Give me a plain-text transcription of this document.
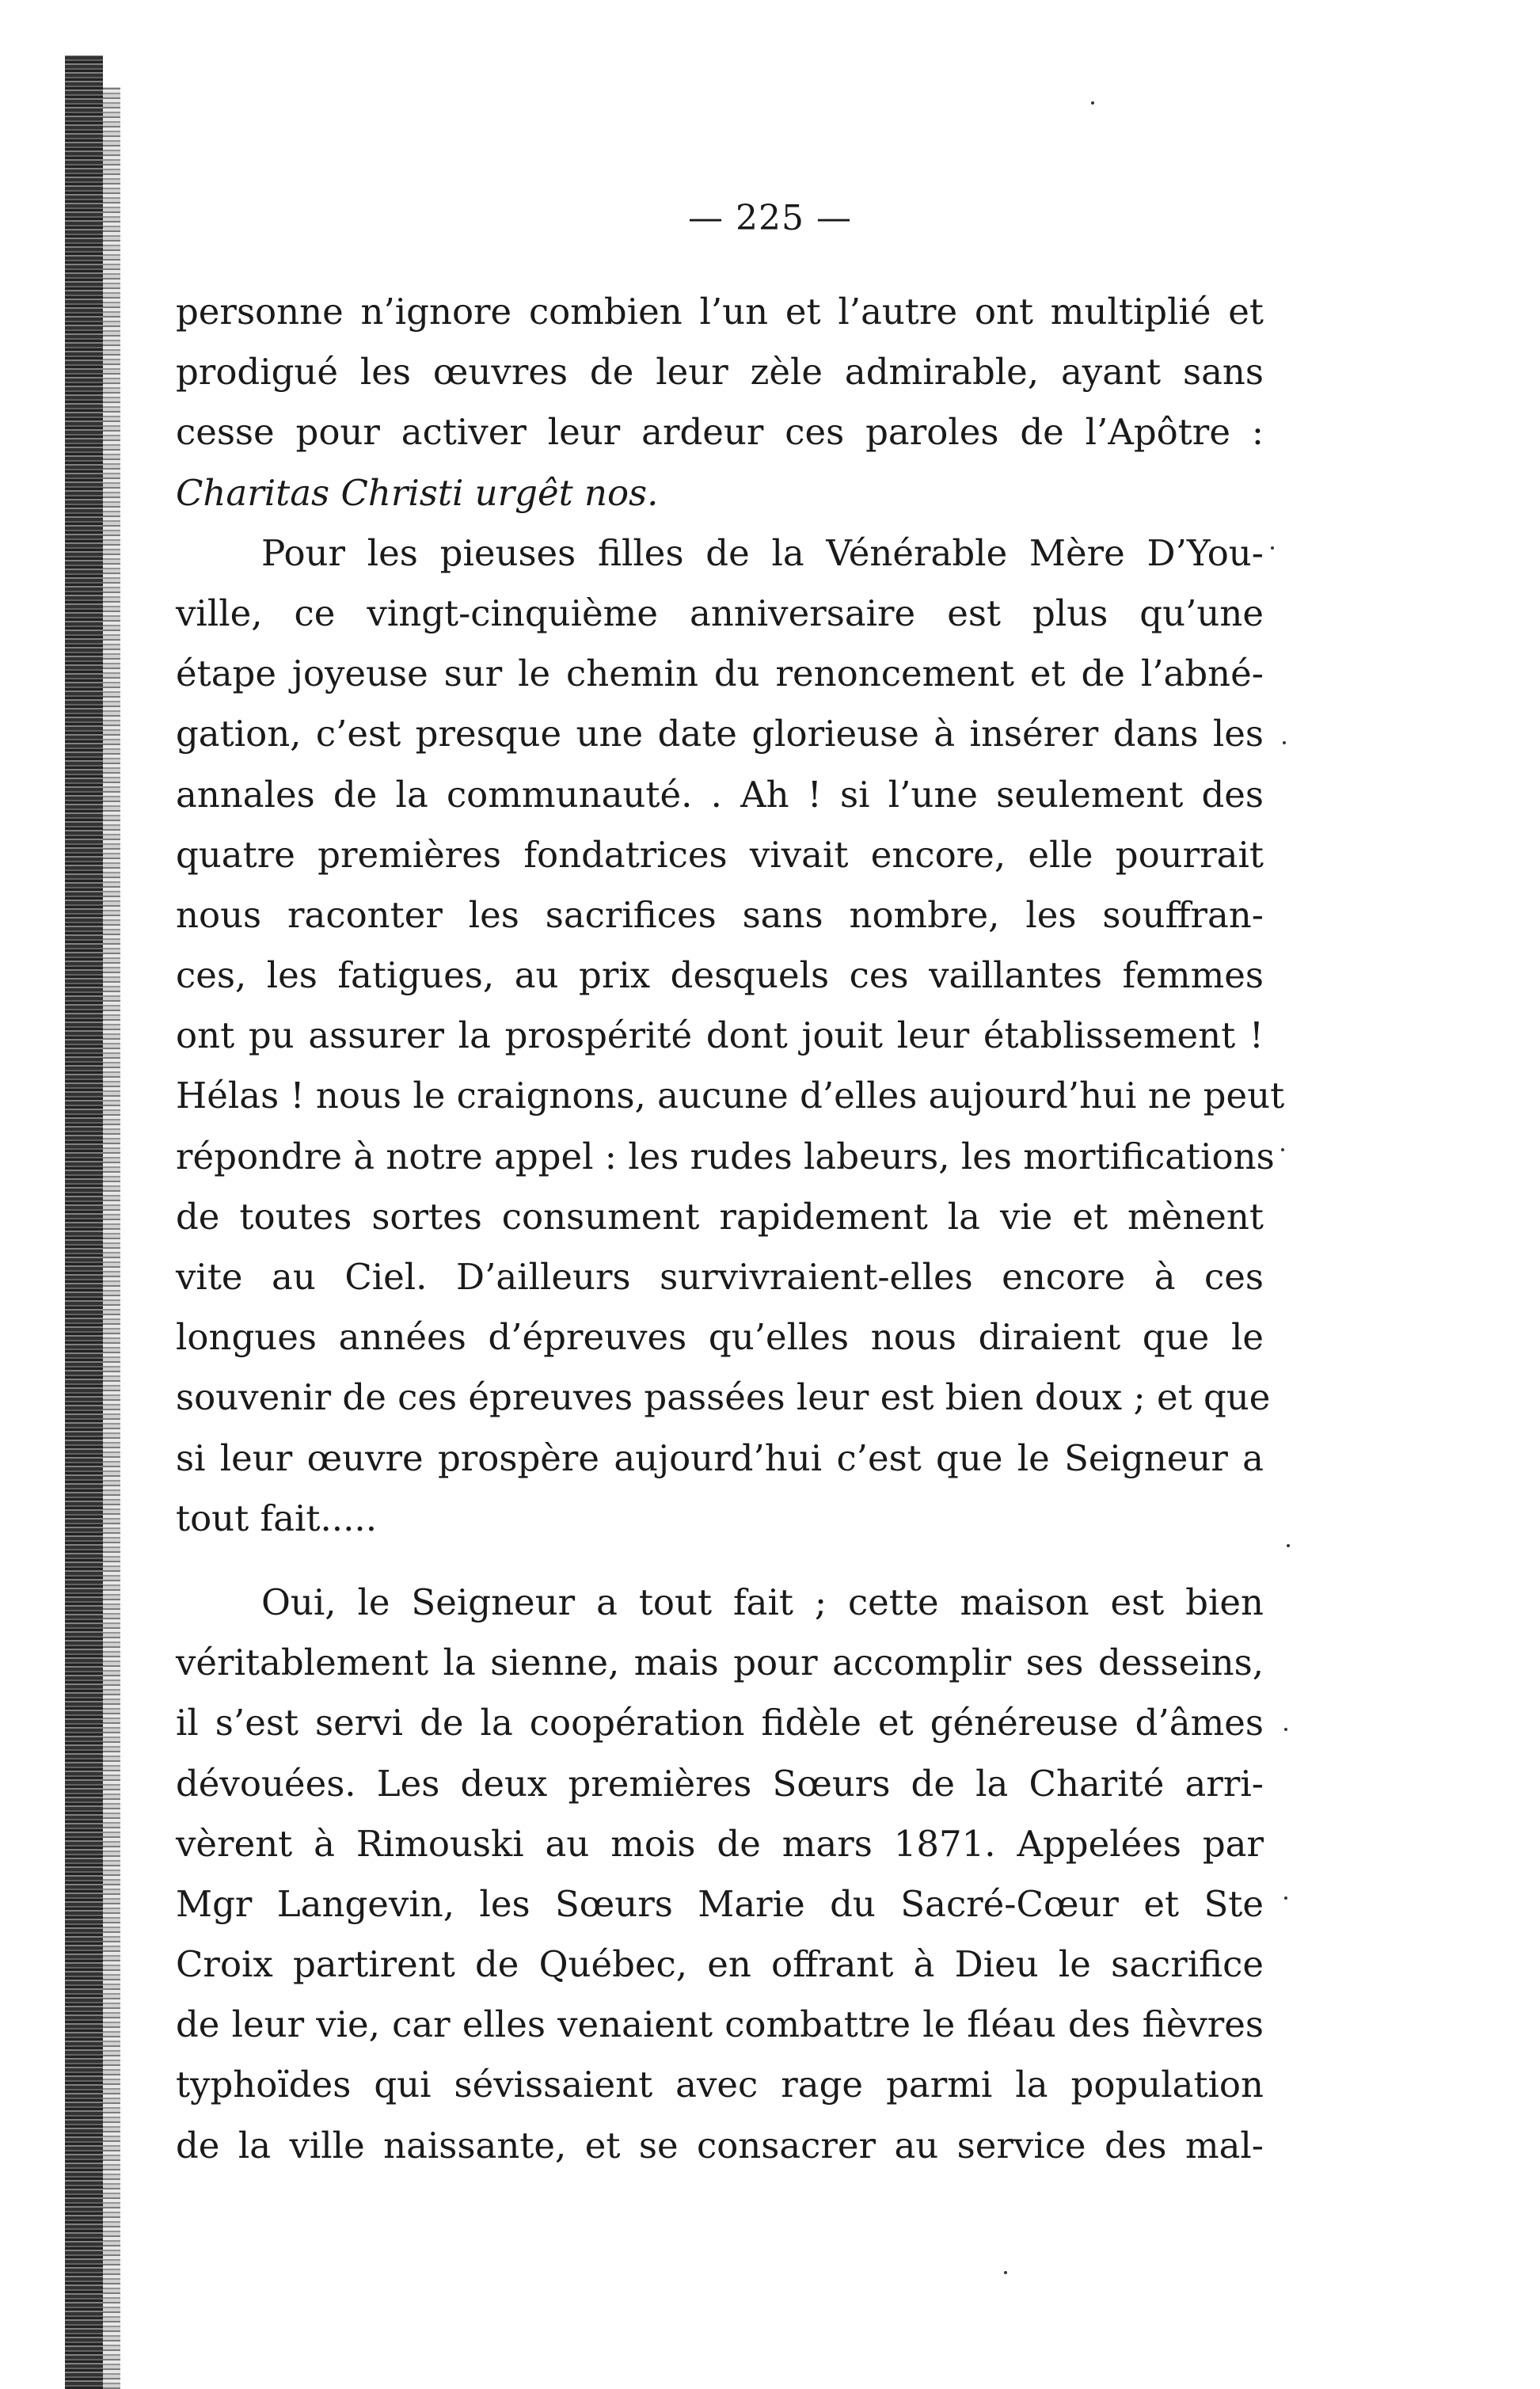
— 225 —
personne n’ignore combien l’un et l’autre ont multiplié et
prodigué les œuvres de leur zèle admirable, ayant sans
cesse pour activer leur ardeur ces paroles de l’Apôtre :
Charitas Christi urgêt nos.
Pour les pieuses filles de la Vénérable Mère D’You-
ville, ce vingt-cinquième anniversaire est plus qu’une
étape joyeuse sur le chemin du renoncement et de l’abné-
gation, c’est presque une date glorieuse à insérer dans les
annales de la communauté. . Ah ! si l’une seulement des
quatre premières fondatrices vivait encore, elle pourrait
nous raconter les sacrifices sans nombre, les souffran-
ces, les fatigues, au prix desquels ces vaillantes femmes
ont pu assurer la prospérité dont jouit leur établissement !
Hélas ! nous le craignons, aucune d’elles aujourd’hui ne peut
répondre à notre appel : les rudes labeurs, les mortifications
de toutes sortes consument rapidement la vie et mènent
vite au Ciel. D’ailleurs survivraient-elles encore à ces
longues années d’épreuves qu’elles nous diraient que le
souvenir de ces épreuves passées leur est bien doux ; et que
si leur œuvre prospère aujourd’hui c’est que le Seigneur a
tout fait.....
Oui, le Seigneur a tout fait ; cette maison est bien
véritablement la sienne, mais pour accomplir ses desseins,
il s’est servi de la coopération fidèle et généreuse d’âmes
dévouées. Les deux premières Sœurs de la Charité arri-
vèrent à Rimouski au mois de mars 1871. Appelées par
Mgr Langevin, les Sœurs Marie du Sacré-Cœur et Ste
Croix partirent de Québec, en offrant à Dieu le sacrifice
de leur vie, car elles venaient combattre le fléau des fièvres
typhoïdes qui sévissaient avec rage parmi la population
de la ville naissante, et se consacrer au service des mal-
